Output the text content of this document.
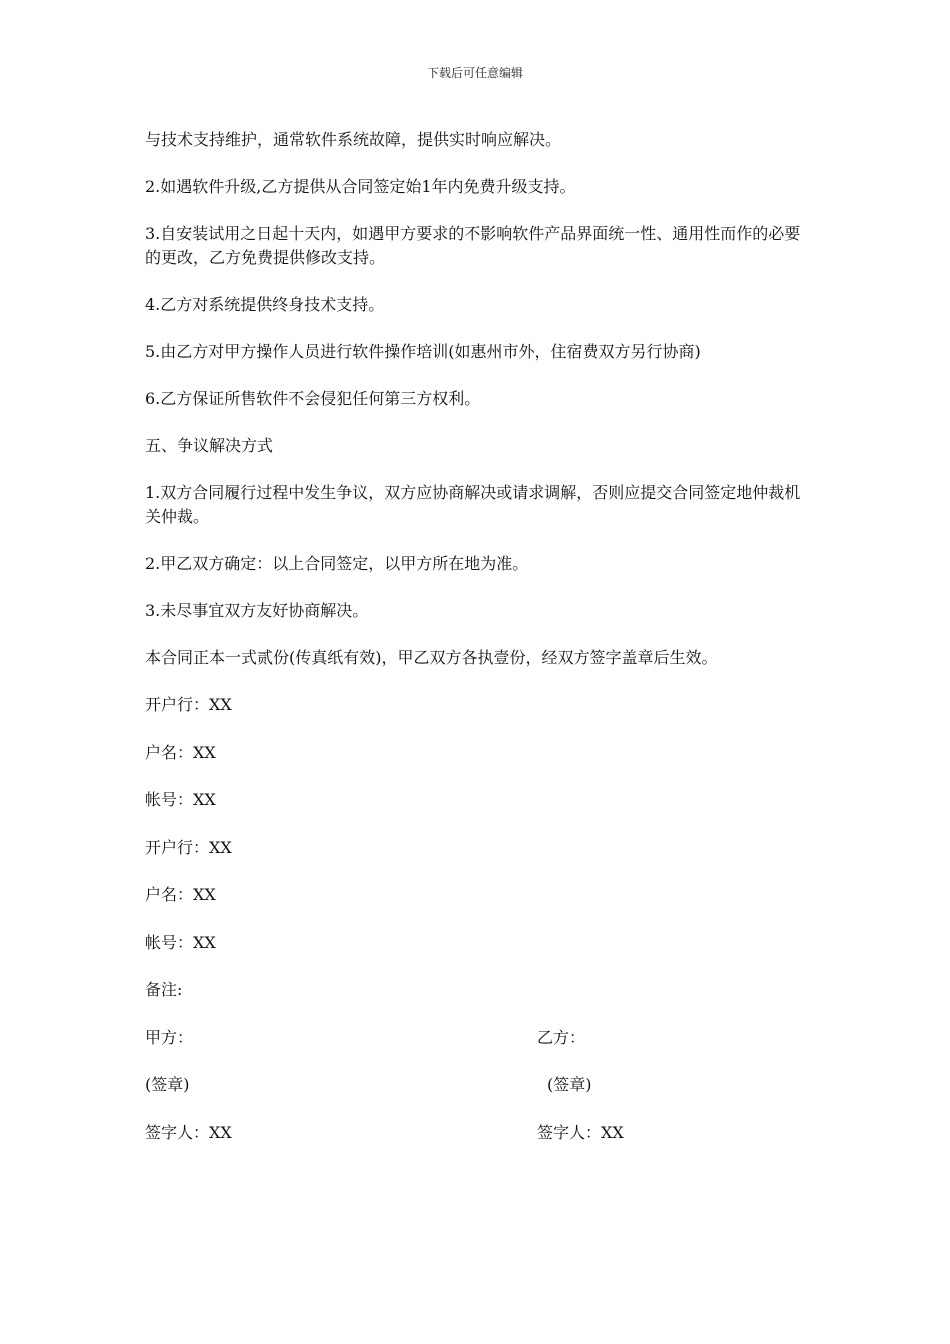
下载后可任意编辑

与技术支持维护，通常软件系统故障，提供实时响应解决。

2.如遇软件升级,乙方提供从合同签定始1年内免费升级支持。

3.自安装试用之日起十天内，如遇甲方要求的不影响软件产品界面统一性、通用性而作的必要的更改，乙方免费提供修改支持。

4.乙方对系统提供终身技术支持。

5.由乙方对甲方操作人员进行软件操作培训(如惠州市外，住宿费双方另行协商)

6.乙方保证所售软件不会侵犯任何第三方权利。

五、争议解决方式

1.双方合同履行过程中发生争议，双方应协商解决或请求调解，否则应提交合同签定地仲裁机关仲裁。

2.甲乙双方确定：以上合同签定，以甲方所在地为准。

3.未尽事宜双方友好协商解决。

本合同正本一式贰份(传真纸有效)，甲乙双方各执壹份，经双方签字盖章后生效。

开户行：XX

户名：XX

帐号：XX

开户行：XX

户名：XX

帐号：XX

备注:

甲方：	乙方：
(签章)	(签章)
签字人：XX	签字人：XX
